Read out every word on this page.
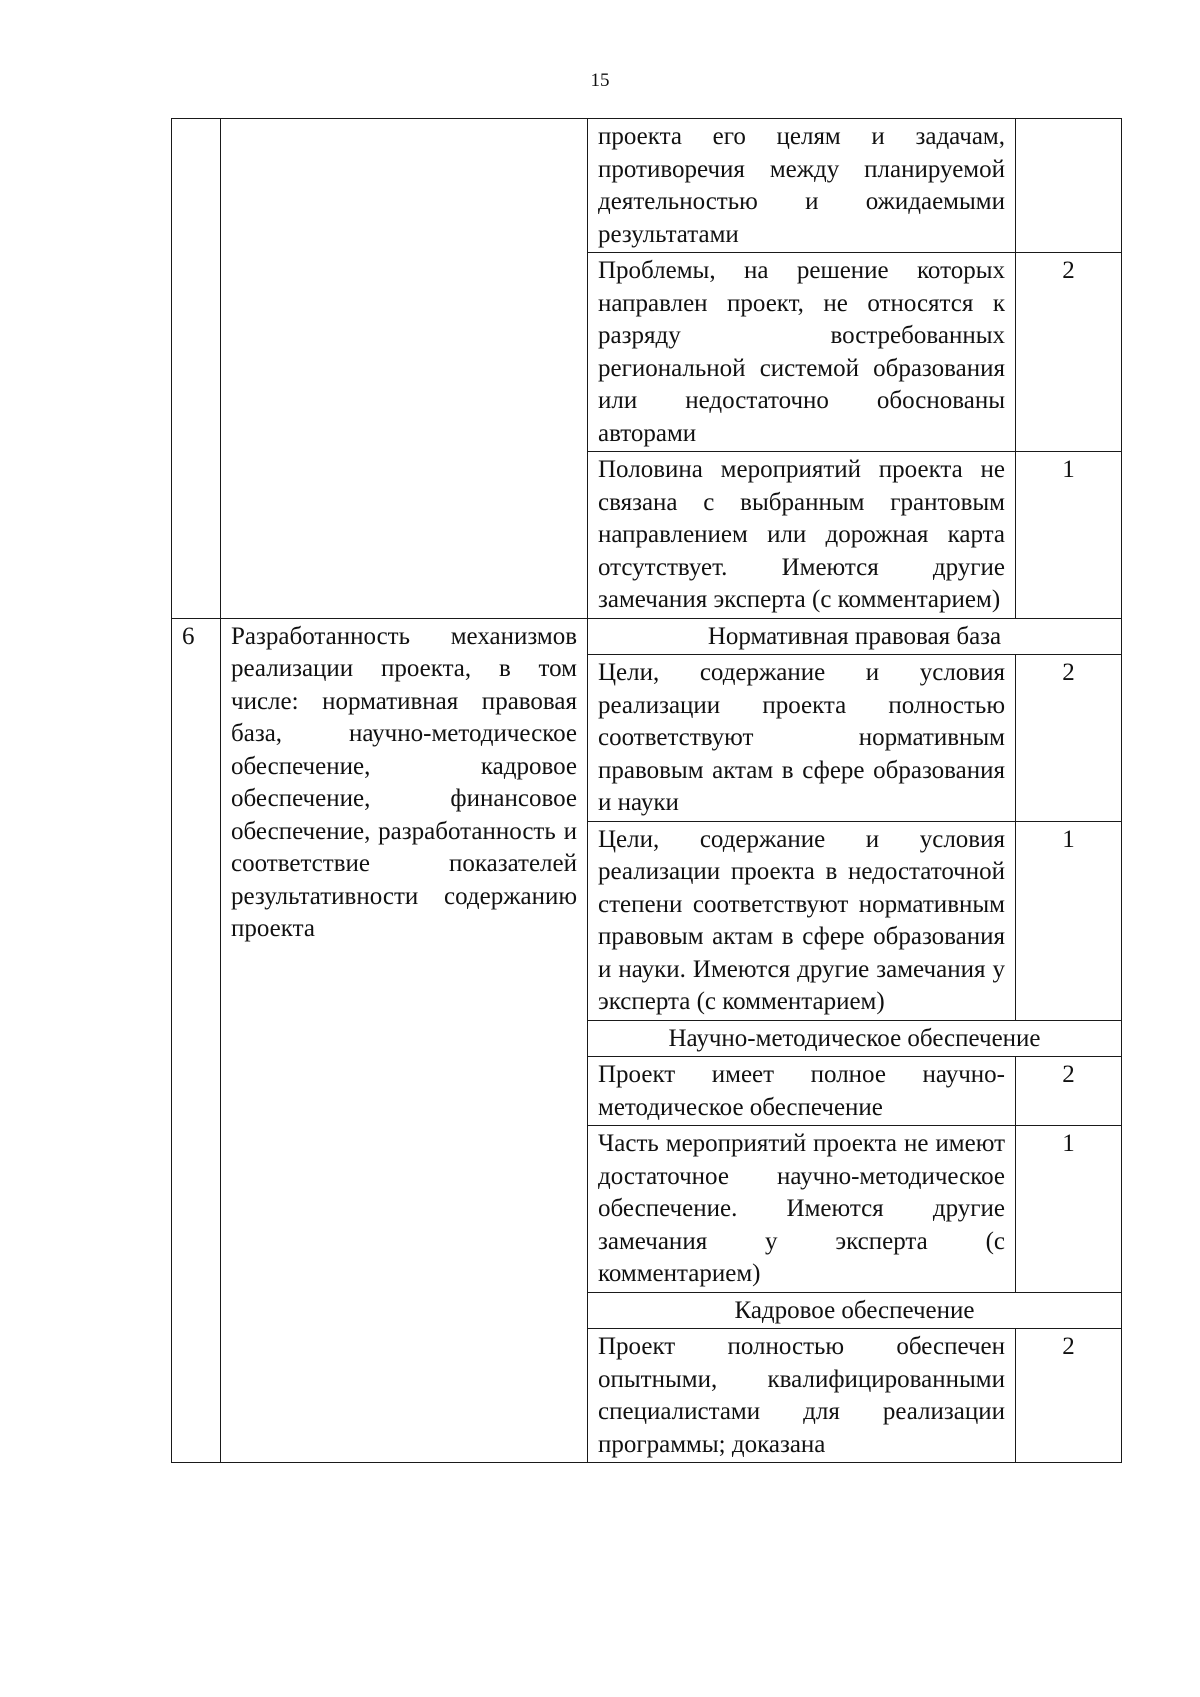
15
		проекта его целям и задачам, противоречия между планируемой деятельностью и ожидаемыми результатами	
		Проблемы, на решение которых направлен проект, не относятся к разряду востребованных региональной системой образования или недостаточно обоснованы авторами	2
		Половина мероприятий проекта не связана с выбранным грантовым направлением или дорожная карта отсутствует. Имеются другие замечания эксперта (с комментарием)	1
6	Разработанность механизмов реализации проекта, в том числе: нормативная правовая база, научно-методическое обеспечение, кадровое обеспечение, финансовое обеспечение, разработанность и соответствие показателей результативности содержанию проекта	Нормативная правовая база	
		Цели, содержание и условия реализации проекта полностью соответствуют нормативным правовым актам в сфере образования и науки	2
		Цели, содержание и условия реализации проекта в недостаточной степени соответствуют нормативным правовым актам в сфере образования и науки. Имеются другие замечания у эксперта (с комментарием)	1
		Научно-методическое обеспечение	
		Проект имеет полное научно-методическое обеспечение	2
		Часть мероприятий проекта не имеют достаточное научно-методическое обеспечение. Имеются другие замечания у эксперта (с комментарием)	1
		Кадровое обеспечение	
		Проект полностью обеспечен опытными, квалифицированными специалистами для реализации программы; доказана	2
